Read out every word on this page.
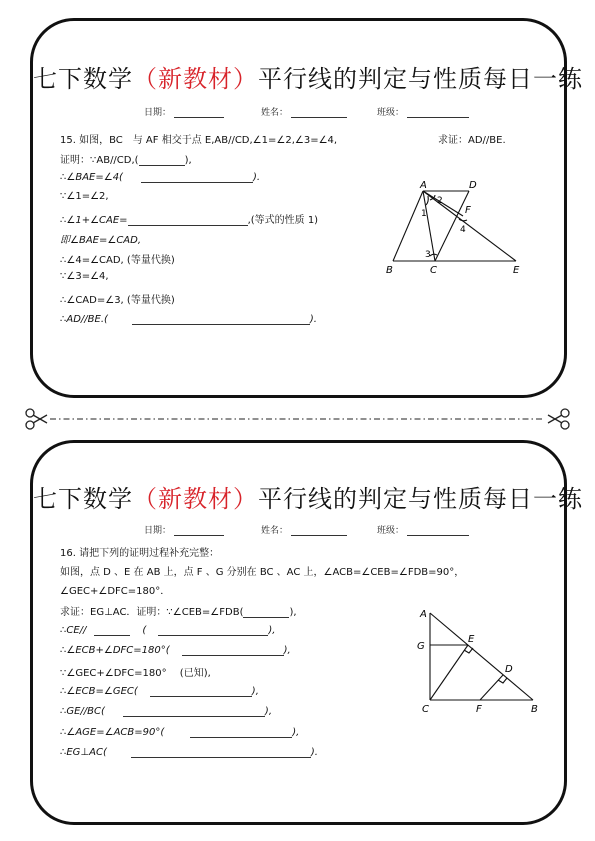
七下数学（新教材）平行线的判定与性质每日一练
日期：	姓名：	班级：
15. 如图，BC　与 AF 相交于点 E,AB//CD,∠1=∠2,∠3=∠4,	求证：AD//BE.
证明：∵AB//CD,(	),
∴∠BAE=∠4(	).
∵∠1=∠2,
∴∠1+∠CAE=	,(等式的性质 1)
即∠BAE=∠CAD,
∴∠4=∠CAD, (等量代换)
∵∠3=∠4,
∴∠CAD=∠3, (等量代换)
∴AD//BE.(	).
A	D
F
B	C	E
1
2
3
4
七下数学（新教材）平行线的判定与性质每日一练
日期：	姓名：	班级：
16. 请把下列的证明过程补充完整：
如图，点 D 、E 在 AB 上，点 F 、G 分别在 BC 、AC 上，∠ACB=∠CEB=∠FDB=90°，
∠GEC+∠DFC=180°．
求证：EG⊥AC．证明：∵∠CEB=∠FDB(	),
∴CE//	(	),
∴∠ECB+∠DFC=180°(	),
∵∠GEC+∠DFC=180°　 (已知),
∴∠ECB=∠GEC(	),
∴GE//BC(	),
∴∠AGE=∠ACB=90°(	),
∴EG⊥AC(	).
A
G
E
D
C	F	B
